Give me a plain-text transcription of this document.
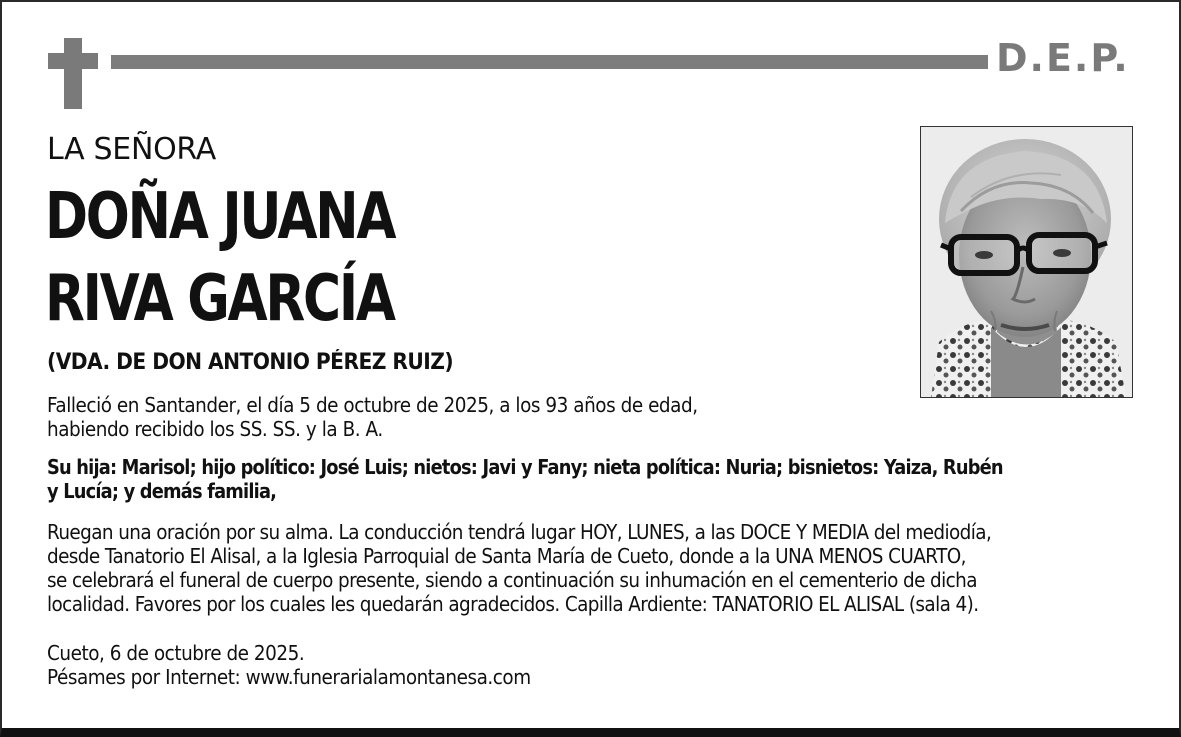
D.E.P.
LA SEÑORA
DOÑA JUANA
RIVA GARCÍA
(VDA. DE DON ANTONIO PÉREZ RUIZ)
Falleció en Santander, el día 5 de octubre de 2025, a los 93 años de edad,
habiendo recibido los SS. SS. y la B. A.
Su hija: Marisol; hijo político: José Luis; nietos: Javi y Fany; nieta política: Nuria; bisnietos: Yaiza, Rubén
y Lucía; y demás familia,
Ruegan una oración por su alma. La conducción tendrá lugar HOY, LUNES, a las DOCE Y MEDIA del mediodía,
desde Tanatorio El Alisal, a la Iglesia Parroquial de Santa María de Cueto, donde a la UNA MENOS CUARTO,
se celebrará el funeral de cuerpo presente, siendo a continuación su inhumación en el cementerio de dicha
localidad. Favores por los cuales les quedarán agradecidos. Capilla Ardiente: TANATORIO EL ALISAL (sala 4).
Cueto, 6 de octubre de 2025.
Pésames por Internet: www.funerarialamontanesa.com
